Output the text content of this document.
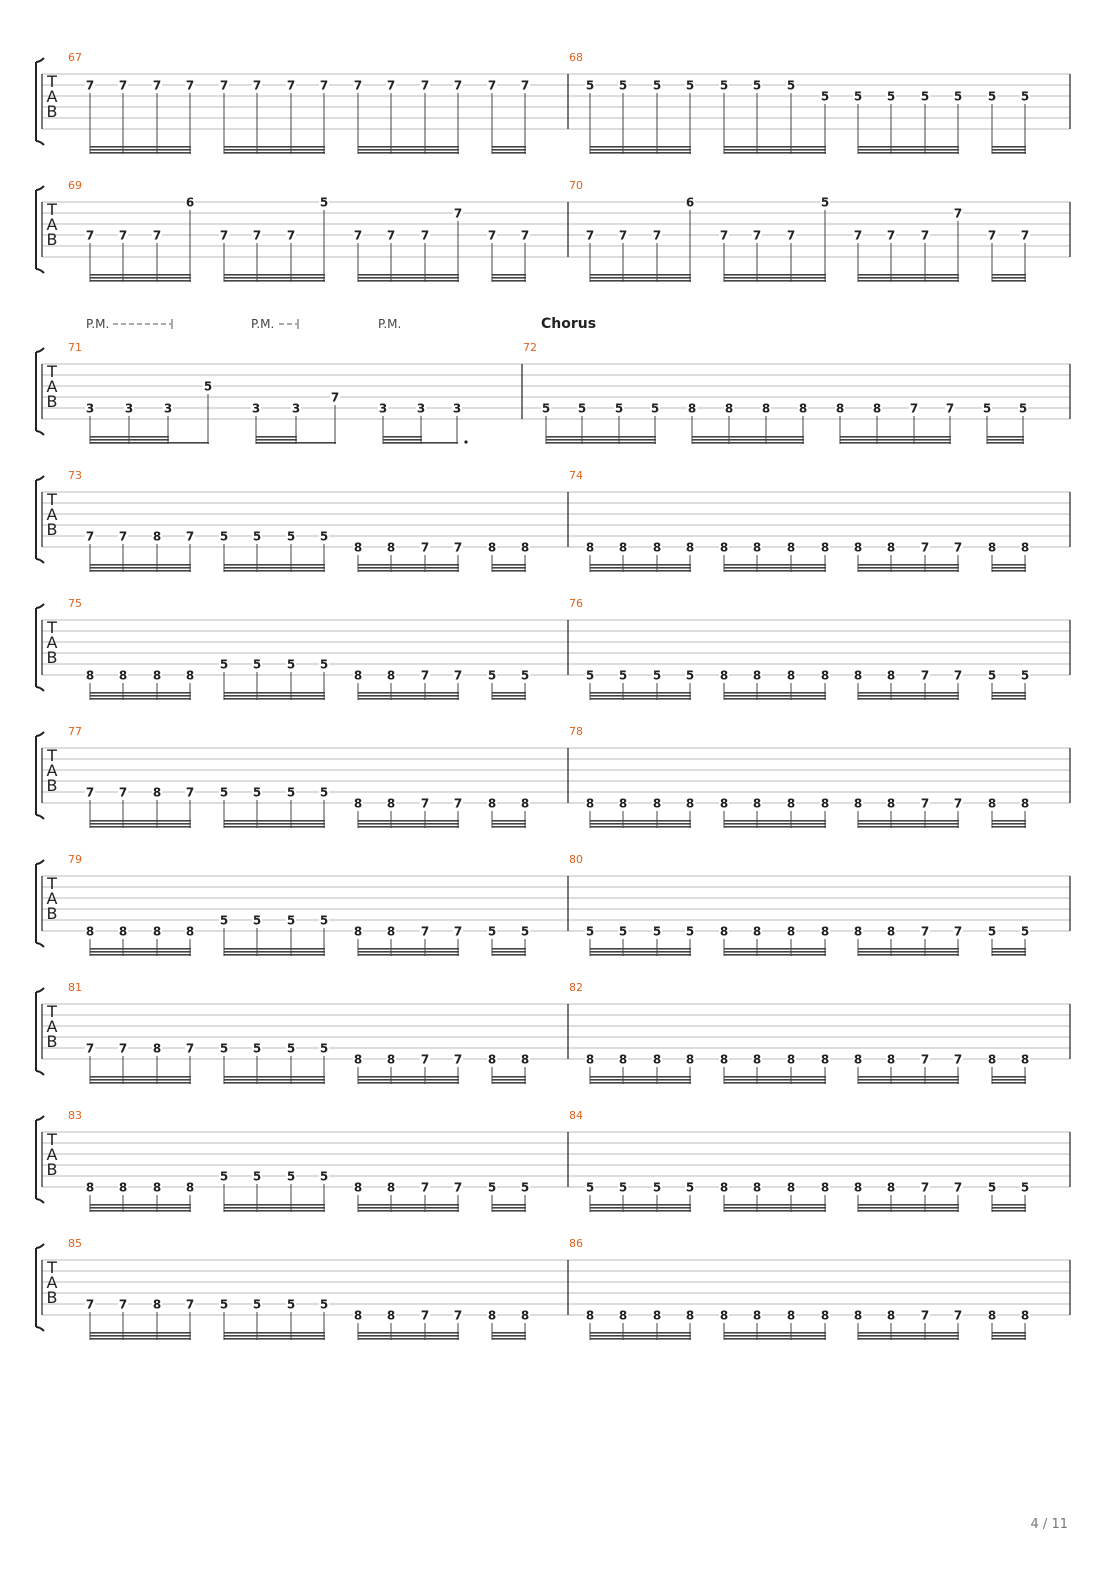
T
A
B
67
7 7 7 7 7 7 7 7 7 7 7 7 7 7
68
5 5 5 5 5 5 5
5 5 5 5 5 5 5
T
A
B
69
7 7 7
6
7 7 7
5
7 7 7
7
7 7
70
7 7 7
6
7 7 7
5
7 7 7
7
7 7
T
A
B
71
3	3	3
5
3	3
7
3 3 3
72
5 5 5 5 8 8 8 8 8 8 7 7 5 5
P.M.	P.M.	P.M.	Chorus
T
A
B
73
7 7 8 7 5 5 5 5
8 8 7 7 8 8
74
8 8 8 8 8 8 8 8 8 8 7 7 8 8
T
A
B
75
8 8 8 8
5 5 5 5
8 8 7 7 5 5
76
5 5 5 5 8 8 8 8 8 8 7 7 5 5
T
A
B
77
7 7 8 7 5 5 5 5
8 8 7 7 8 8
78
8 8 8 8 8 8 8 8 8 8 7 7 8 8
T
A
B
79
8 8 8 8
5 5 5 5
8 8 7 7 5 5
80
5 5 5 5 8 8 8 8 8 8 7 7 5 5
T
A
B
81
7 7 8 7 5 5 5 5
8 8 7 7 8 8
82
8 8 8 8 8 8 8 8 8 8 7 7 8 8
T
A
B
83
8 8 8 8
5 5 5 5
8 8 7 7 5 5
84
5 5 5 5 8 8 8 8 8 8 7 7 5 5
T
A
B
85
7 7 8 7 5 5 5 5
8 8 7 7 8 8
86
8 8 8 8 8 8 8 8 8 8 7 7 8 8
4 / 11
